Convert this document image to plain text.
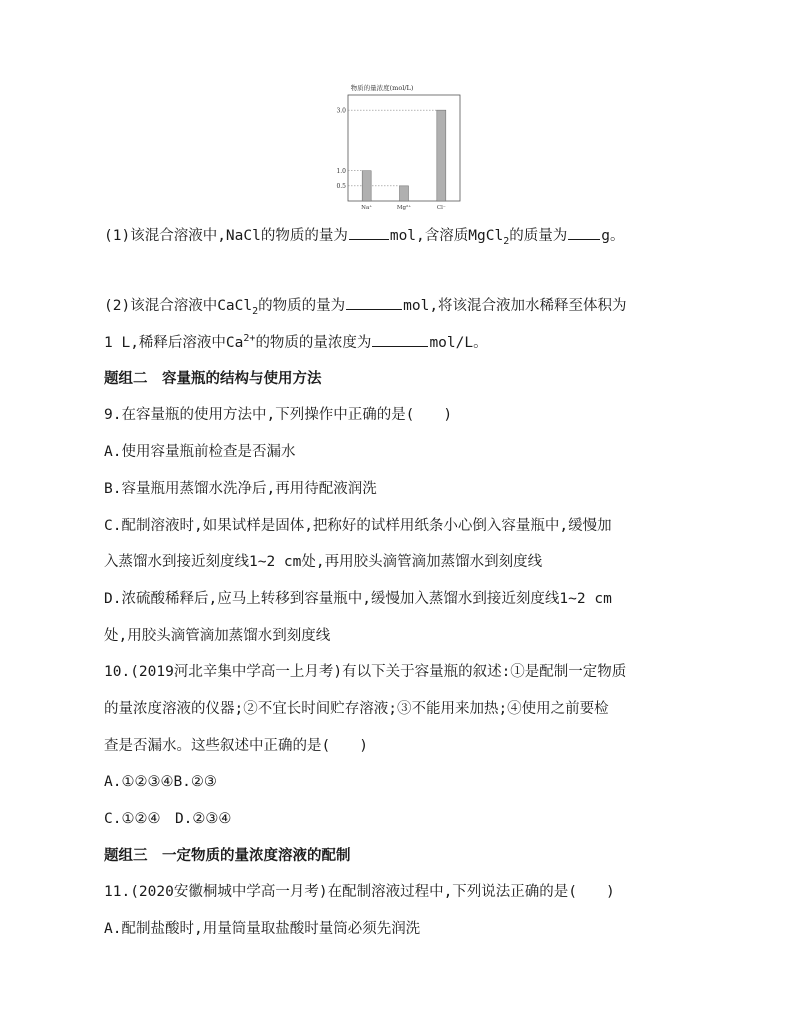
物质的量浓度(mol/L)
3.0
1.0
0.5
Na⁺	Mg²⁺	Cl⁻
(1)该混合溶液中,NaCl的物质的量为	mol,含溶质MgCl$_2$的质量为 g。
(2)该混合溶液中CaCl$_2$的物质的量为	mol,将该混合液加水稀释至体积为
1 L,稀释后溶液中$Ca^{2+}$的物质的量浓度为	mol/L。
题组二　容量瓶的结构与使用方法
9.在容量瓶的使用方法中,下列操作中正确的是(　　)
A.使用容量瓶前检查是否漏水
B.容量瓶用蒸馏水洗净后,再用待配液润洗
C.配制溶液时,如果试样是固体,把称好的试样用纸条小心倒入容量瓶中,缓慢加
入蒸馏水到接近刻度线1~2 cm处,再用胶头滴管滴加蒸馏水到刻度线
D.浓硫酸稀释后,应马上转移到容量瓶中,缓慢加入蒸馏水到接近刻度线1~2 cm
处,用胶头滴管滴加蒸馏水到刻度线
10.(2019河北辛集中学高一上月考)有以下关于容量瓶的叙述:①是配制一定物质
的量浓度溶液的仪器;②不宜长时间贮存溶液;③不能用来加热;④使用之前要检
查是否漏水。这些叙述中正确的是(　　)
A.①②③④B.②③
C.①②④　D.②③④
题组三　一定物质的量浓度溶液的配制
11.(2020安徽桐城中学高一月考)在配制溶液过程中,下列说法正确的是(　　)
A.配制盐酸时,用量筒量取盐酸时量筒必须先润洗
